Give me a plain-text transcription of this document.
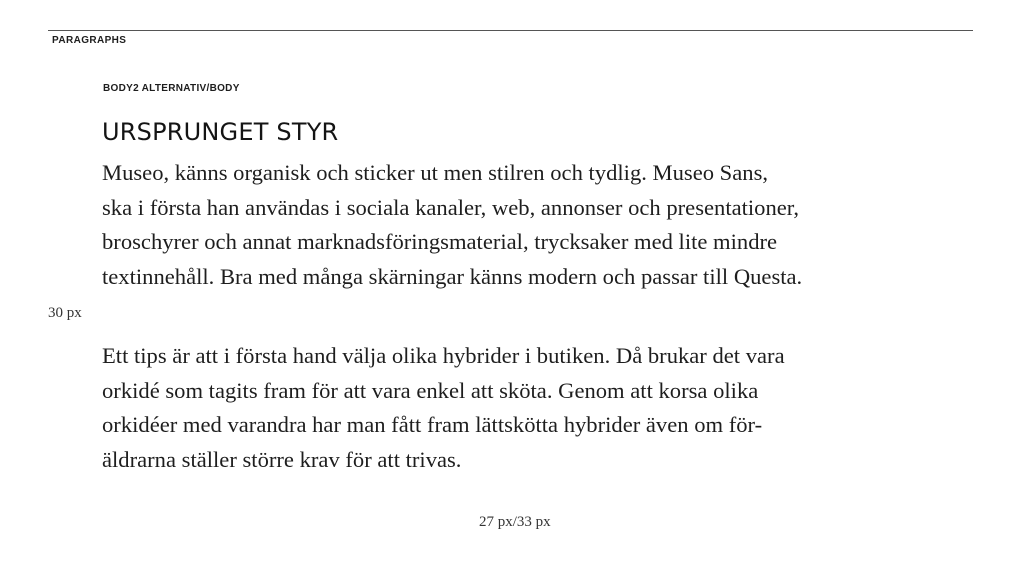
PARAGRAPHS

BODY2 ALTERNATIV/BODY

URSPRUNGET STYR

Museo, känns organisk och sticker ut men stilren och tydlig. Museo Sans,
ska i första han användas i sociala kanaler, web, annonser och presentationer,
broschyrer och annat marknadsföringsmaterial, trycksaker med lite mindre
textinnehåll. Bra med många skärningar känns modern och passar till Questa.

30 px

Ett tips är att i första hand välja olika hybrider i butiken. Då brukar det vara
orkidé som tagits fram för att vara enkel att sköta. Genom att korsa olika
orkidéer med varandra har man fått fram lättskötta hybrider även om för-
äldrarna ställer större krav för att trivas.

27 px/33 px
